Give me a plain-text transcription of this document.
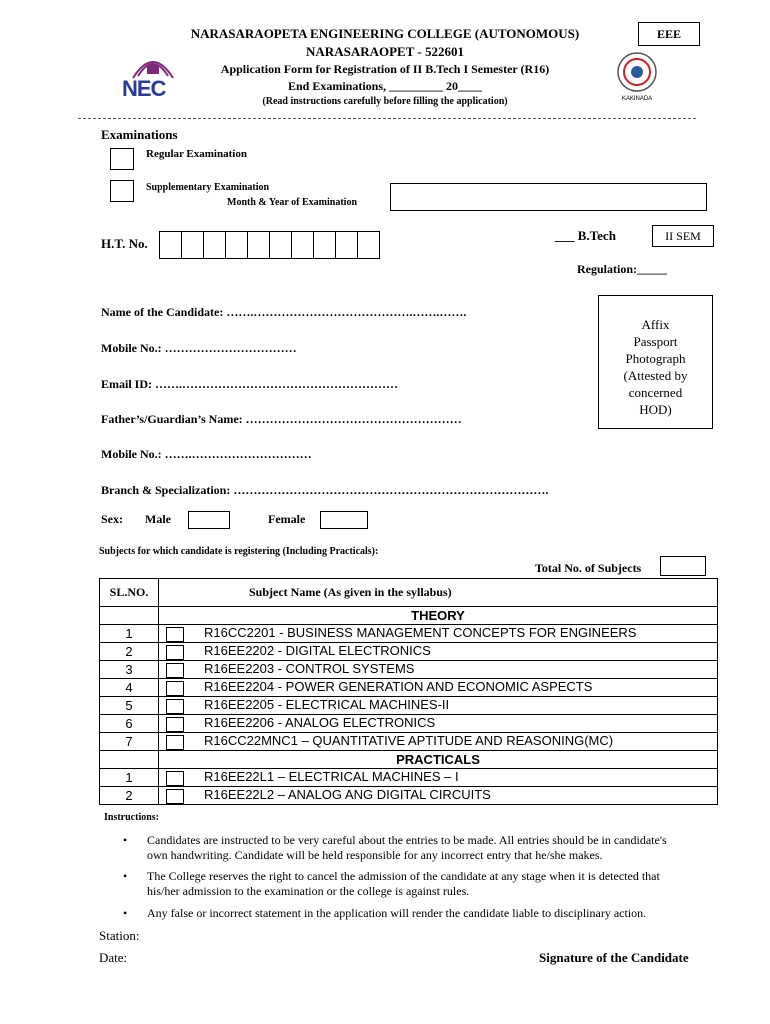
NARASARAOPETA ENGINEERING COLLEGE (AUTONOMOUS)
NARASARAOPET - 522601
Application Form for Registration of II B.Tech I Semester (R16)
End Examinations, _________ 20____
(Read instructions carefully before filling the application)
EEE
NEC	KAKINADA
Examinations
Regular Examination
Supplementary Examination
Month & Year of Examination
H.T. No.
___ B.Tech	II SEM
Regulation:_____
Name of the Candidate: …….………………………………….…….…….
Mobile No.: ……………………………
Email ID: …….………………………………………………
Father’s/Guardian’s Name: ………………………………………………
Mobile No.: …….…………………………
Branch & Specialization: …………………………………………………………………….
Sex: Male	Female
Affix
Passport
Photograph
(Attested by
concerned
HOD)
Subjects for which candidate is registering (Including Practicals):
Total No. of Subjects
SL.NO.	Subject Name (As given in the syllabus)
	THEORY
1	R16CC2201 - BUSINESS MANAGEMENT CONCEPTS FOR ENGINEERS
2	R16EE2202 - DIGITAL ELECTRONICS
3	R16EE2203 - CONTROL SYSTEMS
4	R16EE2204 - POWER GENERATION AND ECONOMIC ASPECTS
5	R16EE2205 - ELECTRICAL MACHINES-II
6	R16EE2206 - ANALOG ELECTRONICS
7	R16CC22MNC1 – QUANTITATIVE APTITUDE AND REASONING(MC)
	PRACTICALS
1	R16EE22L1 – ELECTRICAL MACHINES – I
2	R16EE22L2 – ANALOG ANG DIGITAL CIRCUITS
Instructions:
• Candidates are instructed to be very careful about the entries to be made. All entries should be in candidate's
own handwriting. Candidate will be held responsible for any incorrect entry that he/she makes.
• The College reserves the right to cancel the admission of the candidate at any stage when it is detected that
his/her admission to the examination or the college is against rules.
• Any false or incorrect statement in the application will render the candidate liable to disciplinary action.
Station:
Date:	Signature of the Candidate
